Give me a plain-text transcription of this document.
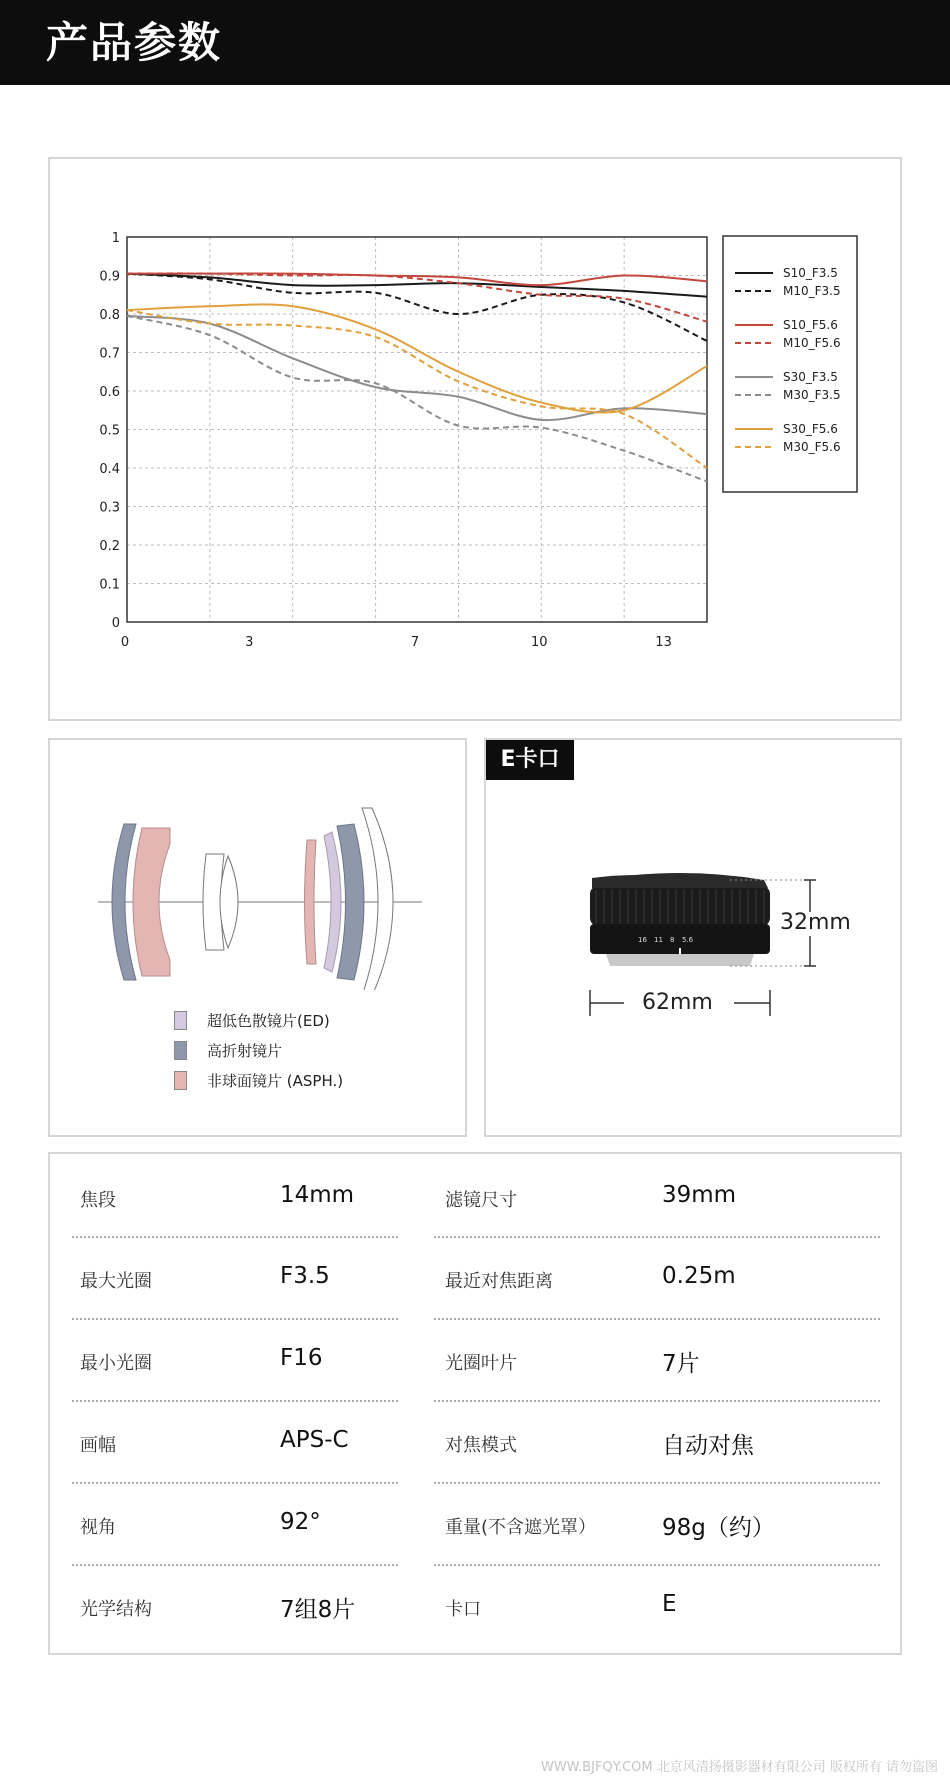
产品参数
0
0.1
0.2
0.3
0.4
0.5
0.6
0.7
0.8
0.9
1
0	3	7	10	13
S10_F3.5
M10_F3.5
S10_F5.6
M10_F5.6
S30_F3.5
M30_F3.5
S30_F5.6
M30_F5.6
超低色散镜片(ED)
高折射镜片
非球面镜片 (ASPH.)
E卡口
16 11 8 5.6
32mm
62mm
焦段	14mm	滤镜尺寸	39mm
最大光圈	F3.5	最近对焦距离	0.25m
最小光圈	F16	光圈叶片	7片
画幅	APS-C	对焦模式	自动对焦
视角	92°	重量(不含遮光罩）	98g（约）
光学结构	7组8片	卡口	E
WWW.BJFQY.COM 北京风清扬摄影器材有限公司 版权所有 请勿盗图
